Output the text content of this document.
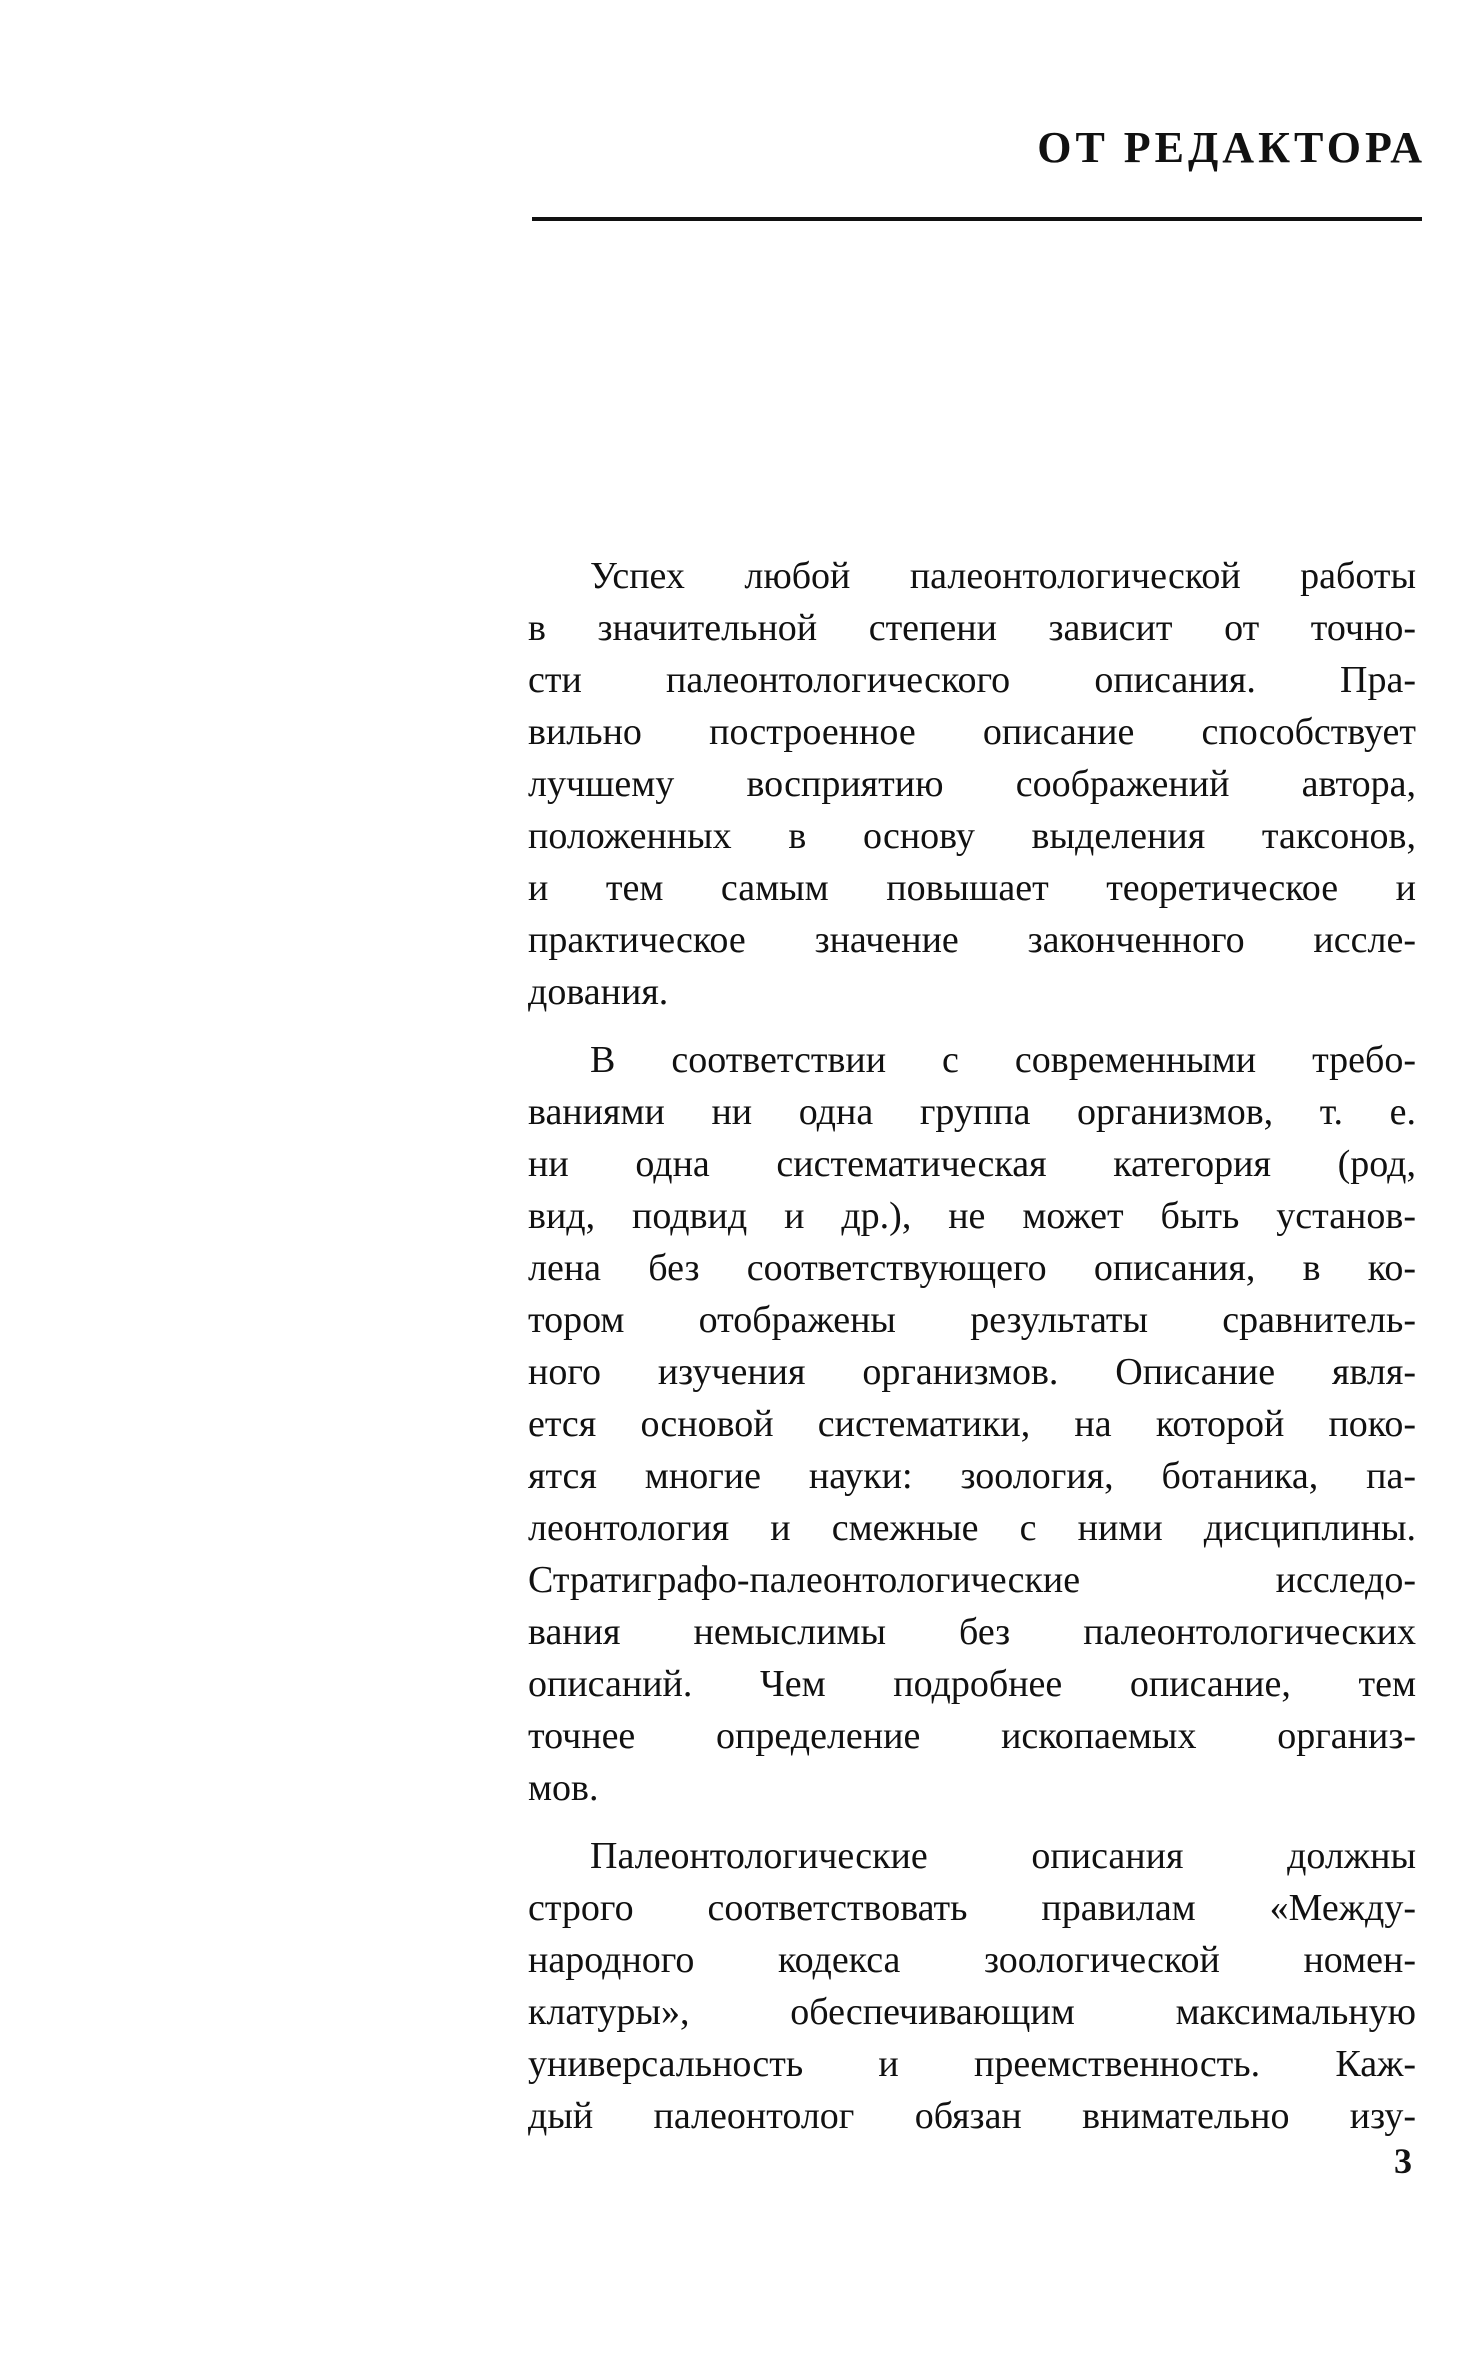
ОТ РЕДАКТОРА
Успех любой палеонтологической работы
в значительной степени зависит от точно-
сти палеонтологического описания. Пра-
вильно построенное описание способствует
лучшему восприятию соображений автора,
положенных в основу выделения таксонов,
и тем самым повышает теоретическое и
практическое значение законченного иссле-
дования.
В соответствии с современными требо-
ваниями ни одна группа организмов, т. е.
ни одна систематическая категория (род,
вид, подвид и др.), не может быть установ-
лена без соответствующего описания, в ко-
тором отображены результаты сравнитель-
ного изучения организмов. Описание явля-
ется основой систематики, на которой поко-
ятся многие науки: зоология, ботаника, па-
леонтология и смежные с ними дисциплины.
Стратиграфо-палеонтологические исследо-
вания немыслимы без палеонтологических
описаний. Чем подробнее описание, тем
точнее определение ископаемых организ-
мов.
Палеонтологические описания должны
строго соответствовать правилам «Между-
народного кодекса зоологической номен-
клатуры», обеспечивающим максимальную
универсальность и преемственность. Каж-
дый палеонтолог обязан внимательно изу-
3
